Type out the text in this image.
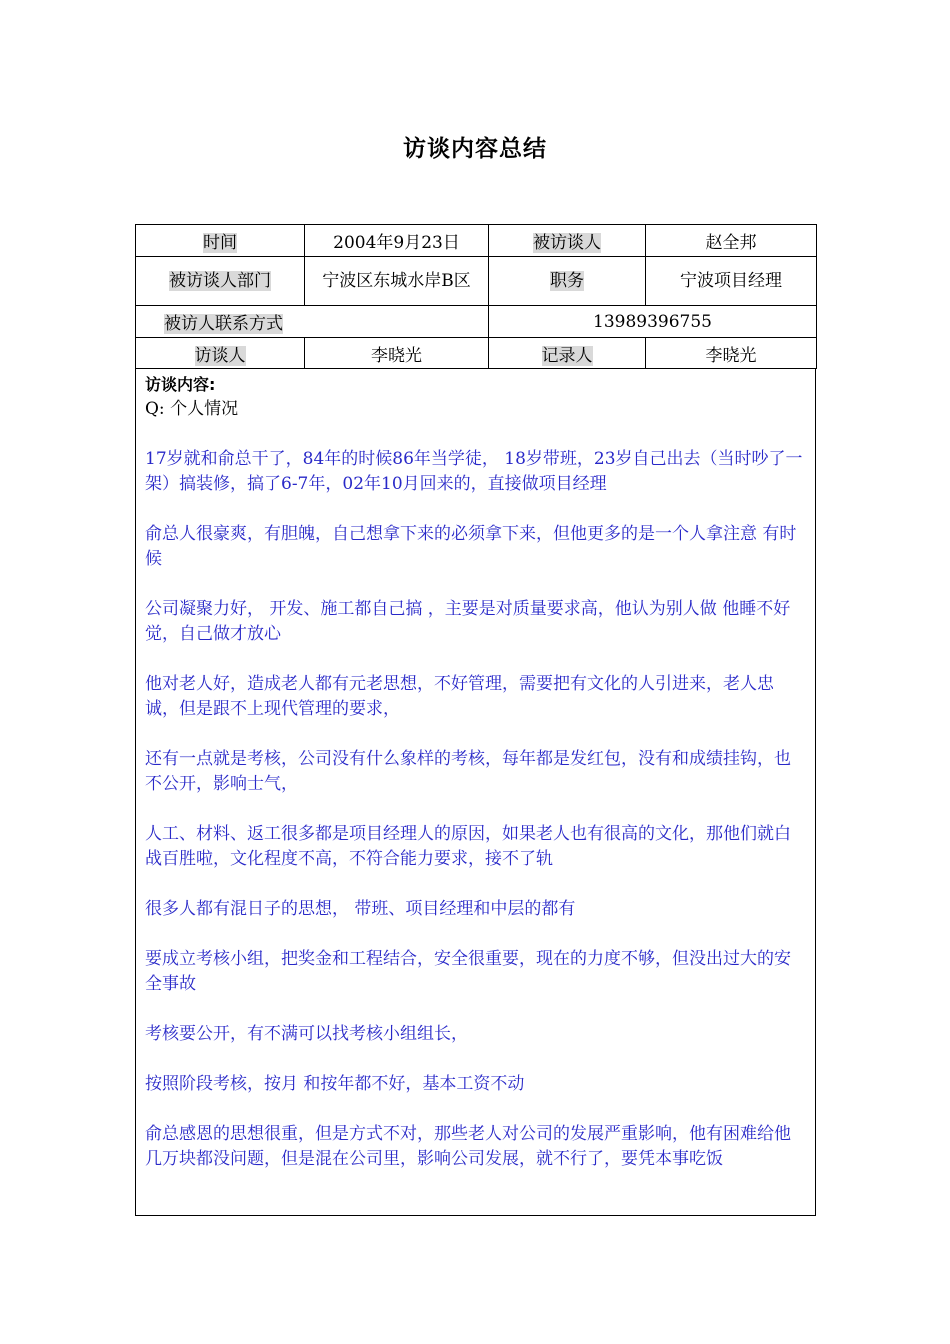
访谈内容总结
时间	2004年9月23日	被访谈人	赵全邦
被访谈人部门	宁波区东城水岸B区	职务	宁波项目经理
被访人联系方式		13989396755	
访谈人	李晓光	记录人	李晓光
访谈内容:
Q: 个人情况

17岁就和俞总干了，84年的时候86年当学徒， 18岁带班，23岁自己出去（当时吵了一架）搞装修，搞了6-7年，02年10月回来的，直接做项目经理

俞总人很豪爽，有胆魄，自己想拿下来的必须拿下来，但他更多的是一个人拿注意 有时候

公司凝聚力好， 开发、施工都自己搞 ，主要是对质量要求高，他认为别人做 他睡不好觉，自己做才放心

他对老人好，造成老人都有元老思想，不好管理，需要把有文化的人引进来，老人忠诚，但是跟不上现代管理的要求，

还有一点就是考核，公司没有什么象样的考核，每年都是发红包，没有和成绩挂钩，也不公开，影响士气，

人工、材料、返工很多都是项目经理人的原因，如果老人也有很高的文化，那他们就白战百胜啦，文化程度不高，不符合能力要求，接不了轨

很多人都有混日子的思想， 带班、项目经理和中层的都有

要成立考核小组，把奖金和工程结合，安全很重要，现在的力度不够，但没出过大的安全事故

考核要公开，有不满可以找考核小组组长，

按照阶段考核，按月 和按年都不好，基本工资不动

俞总感恩的思想很重，但是方式不对，那些老人对公司的发展严重影响，他有困难给他几万块都没问题，但是混在公司里，影响公司发展，就不行了，要凭本事吃饭
